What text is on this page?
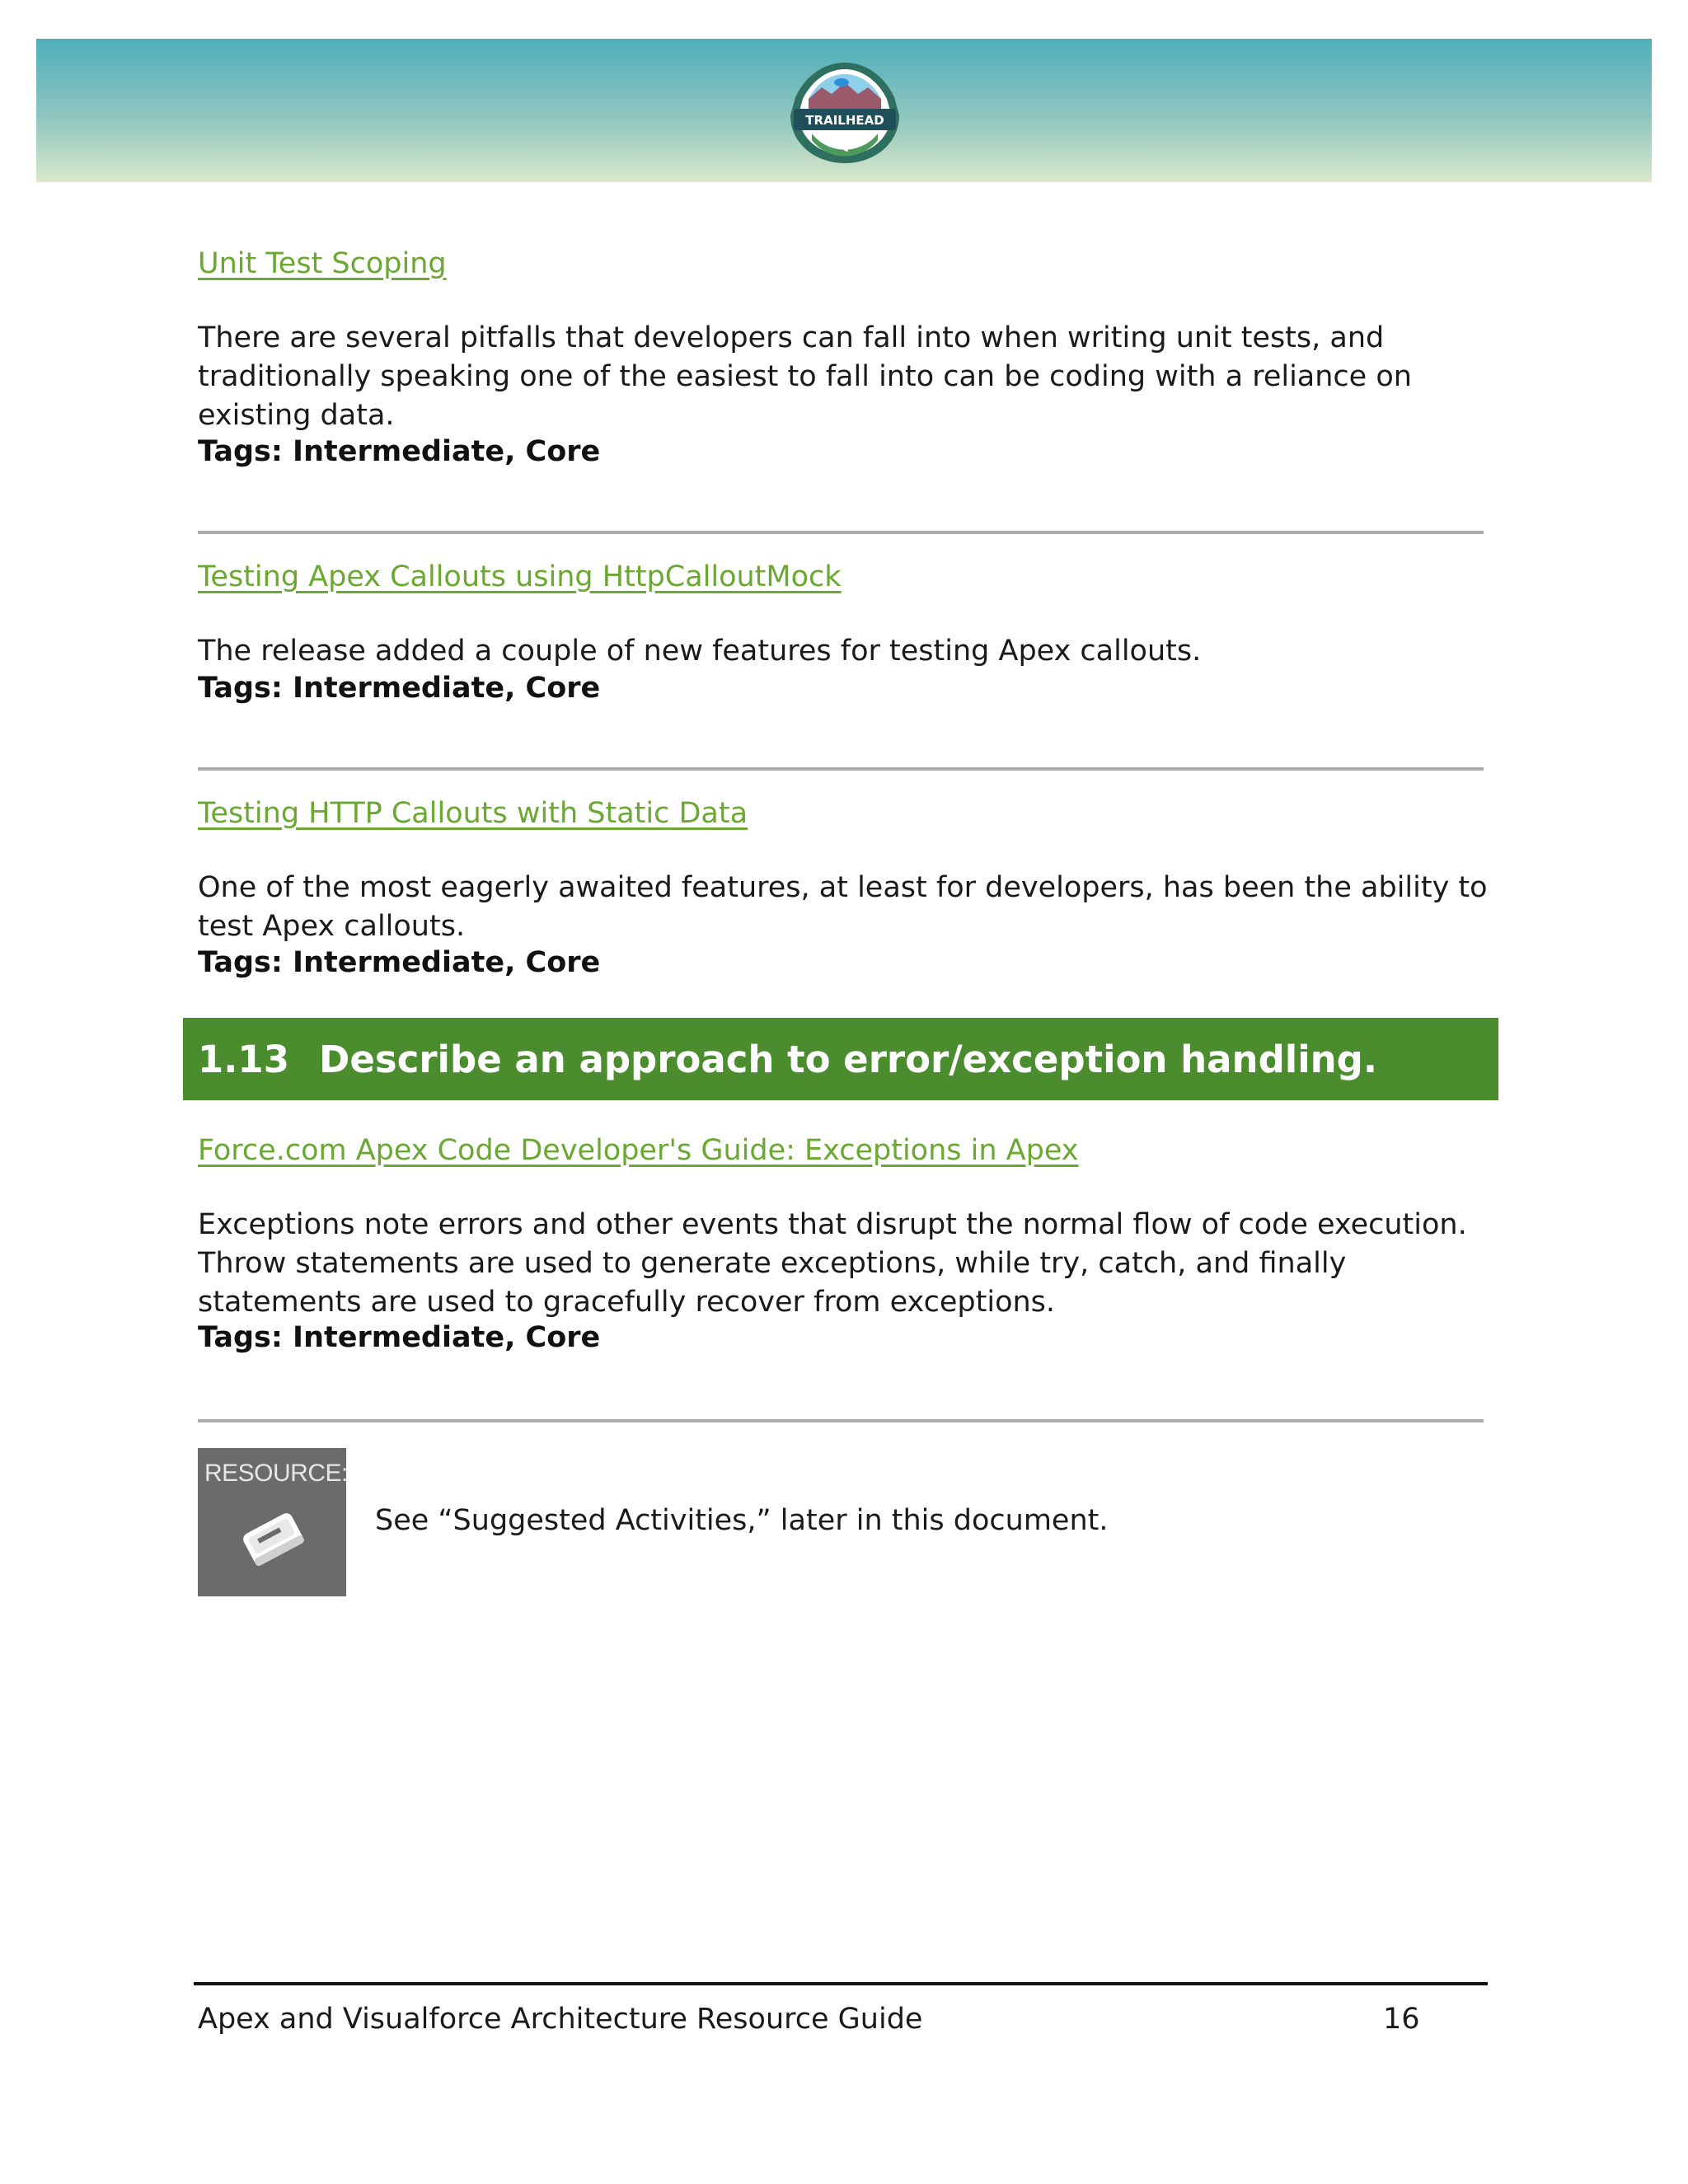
TRAILHEAD
Unit Test Scoping
There are several pitfalls that developers can fall into when writing unit tests, and traditionally speaking one of the easiest to fall into can be coding with a reliance on existing data.
Tags: Intermediate, Core
Testing Apex Callouts using HttpCalloutMock
The release added a couple of new features for testing Apex callouts.
Tags: Intermediate, Core
Testing HTTP Callouts with Static Data
One of the most eagerly awaited features, at least for developers, has been the ability to test Apex callouts.
Tags: Intermediate, Core
1.13 Describe an approach to error/exception handling.
Force.com Apex Code Developer's Guide: Exceptions in Apex
Exceptions note errors and other events that disrupt the normal flow of code execution. Throw statements are used to generate exceptions, while try, catch, and finally statements are used to gracefully recover from exceptions.
Tags: Intermediate, Core
RESOURCE:
See “Suggested Activities,” later in this document.
Apex and Visualforce Architecture Resource Guide	16
